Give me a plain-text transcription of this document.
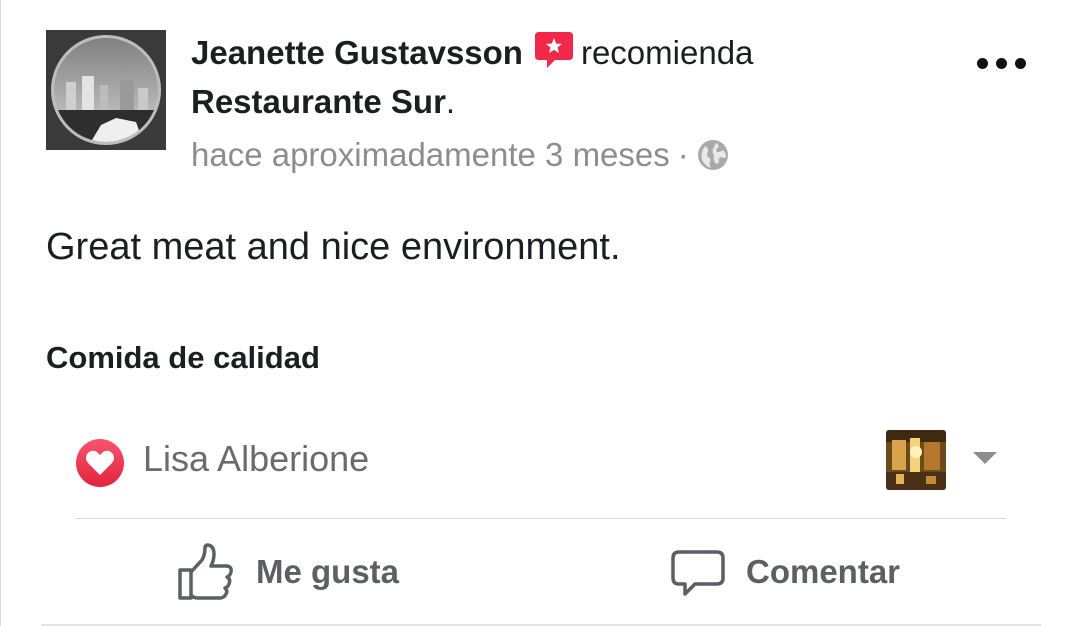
Jeanette Gustavsson recomienda
Restaurante Sur.
hace aproximadamente 3 meses ·
Great meat and nice environment.
Comida de calidad
Lisa Alberione
Me gusta	Comentar
